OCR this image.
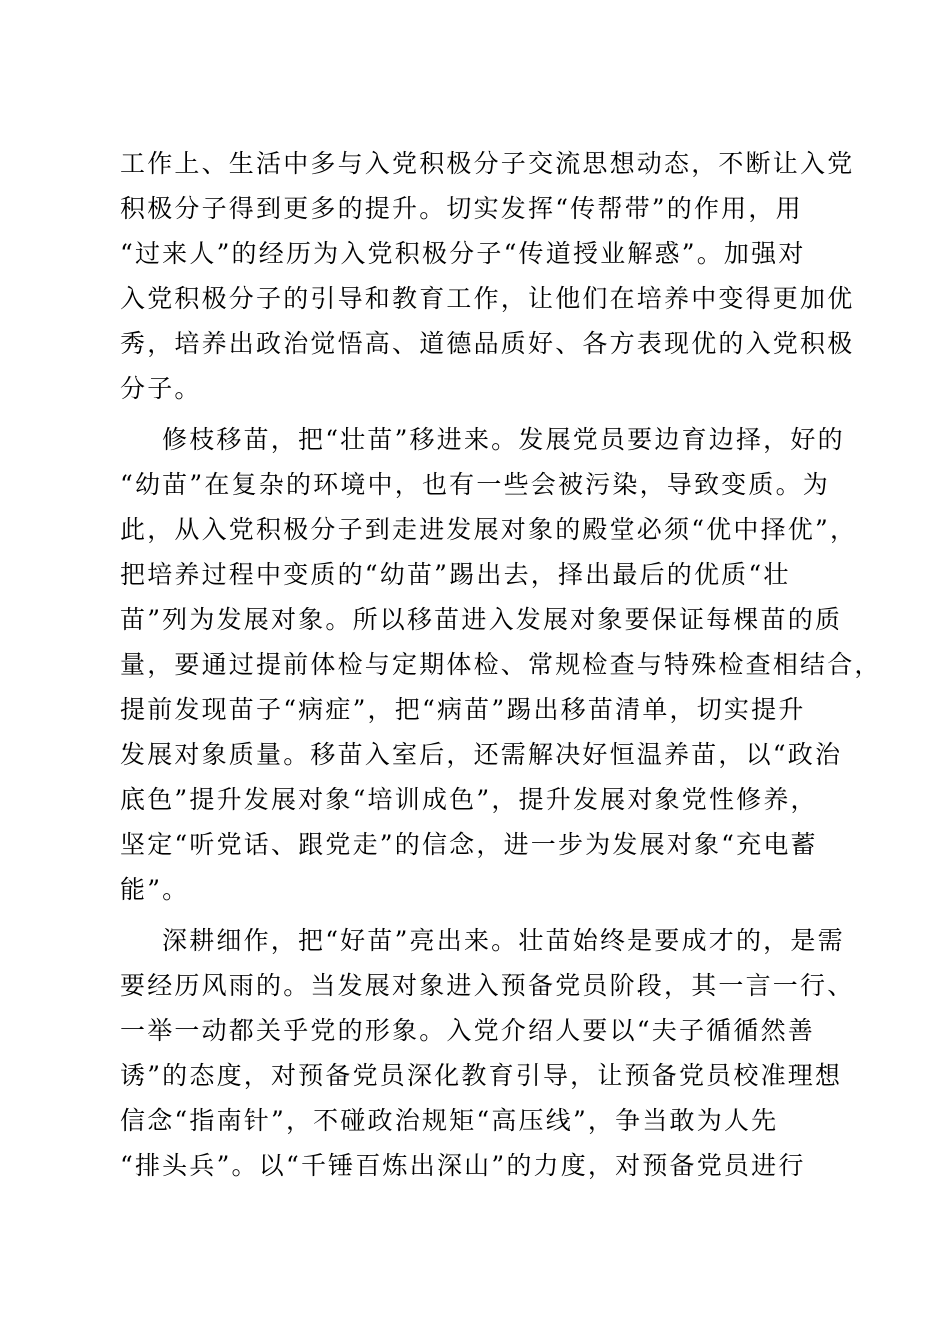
工作上、生活中多与入党积极分子交流思想动态，不断让入党
积极分子得到更多的提升。切实发挥“传帮带”的作用，用
“过来人”的经历为入党积极分子“传道授业解惑”。加强对
入党积极分子的引导和教育工作，让他们在培养中变得更加优
秀，培养出政治觉悟高、道德品质好、各方表现优的入党积极
分子。

修枝移苗，把“壮苗”移进来。发展党员要边育边择，好的
“幼苗”在复杂的环境中，也有一些会被污染，导致变质。为
此，从入党积极分子到走进发展对象的殿堂必须“优中择优”，
把培养过程中变质的“幼苗”踢出去，择出最后的优质“壮
苗”列为发展对象。所以移苗进入发展对象要保证每棵苗的质
量，要通过提前体检与定期体检、常规检查与特殊检查相结合，
提前发现苗子“病症”，把“病苗”踢出移苗清单，切实提升
发展对象质量。移苗入室后，还需解决好恒温养苗，以“政治
底色”提升发展对象“培训成色”，提升发展对象党性修养，
坚定“听党话、跟党走”的信念，进一步为发展对象“充电蓄
能”。

深耕细作，把“好苗”亮出来。壮苗始终是要成才的，是需
要经历风雨的。当发展对象进入预备党员阶段，其一言一行、
一举一动都关乎党的形象。入党介绍人要以“夫子循循然善
诱”的态度，对预备党员深化教育引导，让预备党员校准理想
信念“指南针”，不碰政治规矩“高压线”，争当敢为人先
“排头兵”。以“千锤百炼出深山”的力度，对预备党员进行
